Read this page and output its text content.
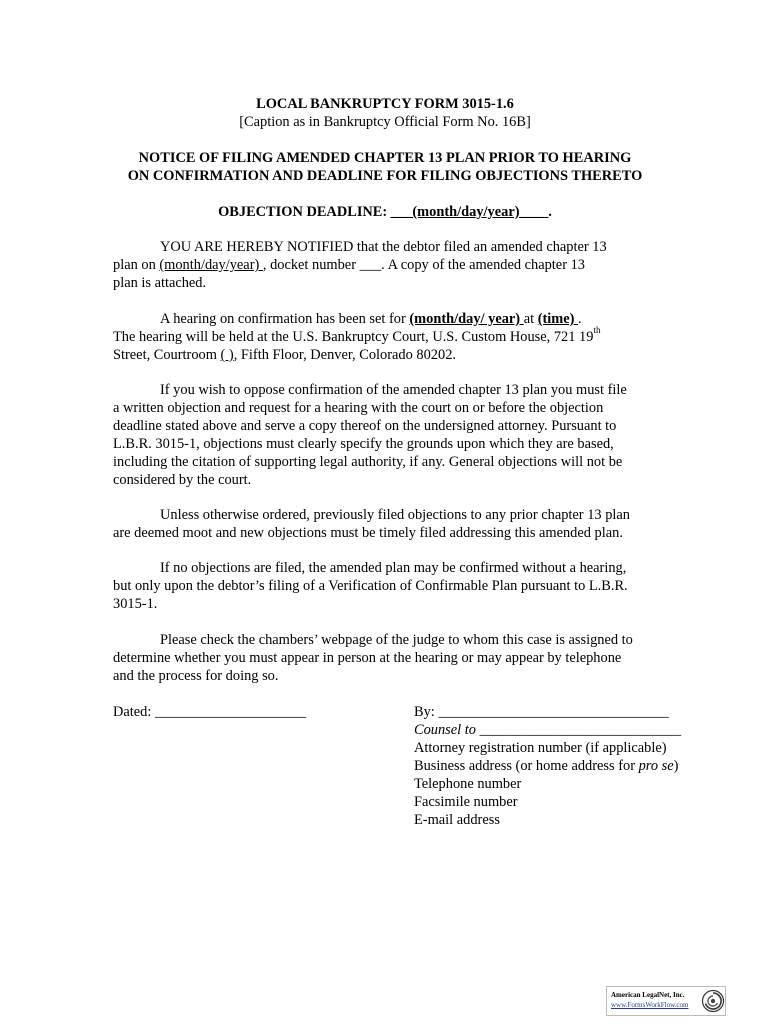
LOCAL BANKRUPTCY FORM 3015-1.6
[Caption as in Bankruptcy Official Form No. 16B]
NOTICE OF FILING AMENDED CHAPTER 13 PLAN PRIOR TO HEARING
ON CONFIRMATION AND DEADLINE FOR FILING OBJECTIONS THERETO
OBJECTION DEADLINE: ___(month/day/year)____.
YOU ARE HEREBY NOTIFIED that the debtor filed an amended chapter 13
plan on (month/day/year) , docket number ___. A copy of the amended chapter 13
plan is attached.
A hearing on confirmation has been set for (month/day/ year) at (time) .
The hearing will be held at the U.S. Bankruptcy Court, U.S. Custom House, 721 19th
Street, Courtroom ( ), Fifth Floor, Denver, Colorado 80202.
If you wish to oppose confirmation of the amended chapter 13 plan you must file
a written objection and request for a hearing with the court on or before the objection
deadline stated above and serve a copy thereof on the undersigned attorney. Pursuant to
L.B.R. 3015-1, objections must clearly specify the grounds upon which they are based,
including the citation of supporting legal authority, if any. General objections will not be
considered by the court.
Unless otherwise ordered, previously filed objections to any prior chapter 13 plan
are deemed moot and new objections must be timely filed addressing this amended plan.
If no objections are filed, the amended plan may be confirmed without a hearing,
but only upon the debtor’s filing of a Verification of Confirmable Plan pursuant to L.B.R.
3015-1.
Please check the chambers’ webpage of the judge to whom this case is assigned to
determine whether you must appear in person at the hearing or may appear by telephone
and the process for doing so.
Dated: _____________________	By: ________________________________
Counsel to ____________________________
Attorney registration number (if applicable)
Business address (or home address for pro se)
Telephone number
Facsimile number
E-mail address
American LegalNet, Inc.
www.FormsWorkFlow.com
